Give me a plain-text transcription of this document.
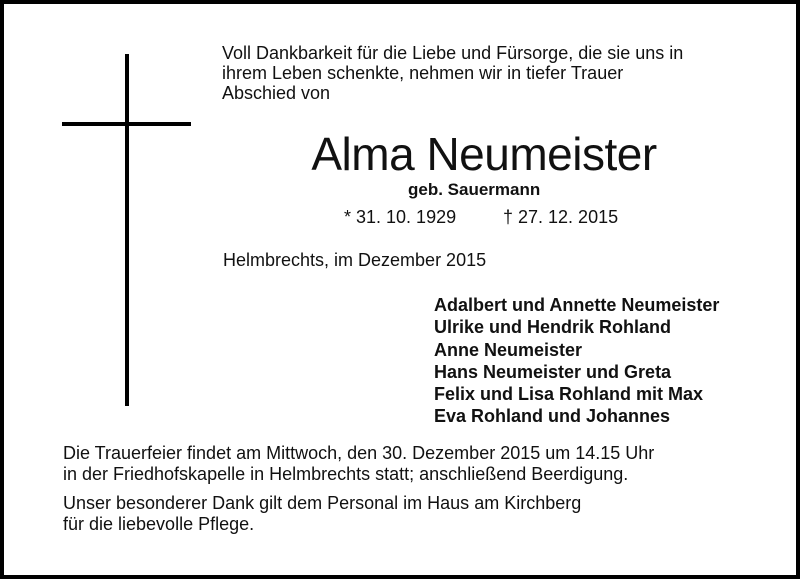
Voll Dankbarkeit für die Liebe und Fürsorge, die sie uns in
ihrem Leben schenkte, nehmen wir in tiefer Trauer
Abschied von
Alma Neumeister
geb. Sauermann
* 31. 10. 1929	† 27. 12. 2015
Helmbrechts, im Dezember 2015
Adalbert und Annette Neumeister
Ulrike und Hendrik Rohland
Anne Neumeister
Hans Neumeister und Greta
Felix und Lisa Rohland mit Max
Eva Rohland und Johannes
Die Trauerfeier findet am Mittwoch, den 30. Dezember 2015 um 14.15 Uhr
in der Friedhofskapelle in Helmbrechts statt; anschließend Beerdigung.
Unser besonderer Dank gilt dem Personal im Haus am Kirchberg
für die liebevolle Pflege.
